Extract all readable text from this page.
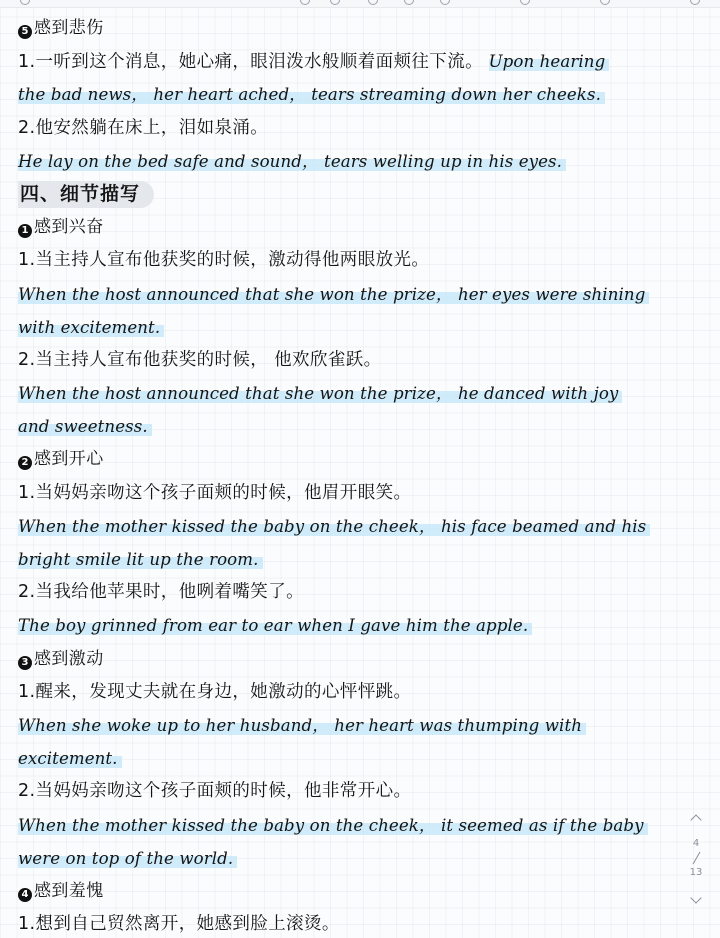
5 感到悲伤
1.一听到这个消息，她心痛，眼泪泼水般顺着面颊往下流。 Upon hearing
the bad news， her heart ached， tears streaming down her cheeks.
2.他安然躺在床上，泪如泉涌。
He lay on the bed safe and sound， tears welling up in his eyes.
四、细节描写
1 感到兴奋
1.当主持人宣布他获奖的时候，激动得他两眼放光。
When the host announced that she won the prize， her eyes were shining
with excitement.
2.当主持人宣布他获奖的时候， 他欢欣雀跃。
When the host announced that she won the prize， he danced with joy
and sweetness.
2 感到开心
1.当妈妈亲吻这个孩子面颊的时候，他眉开眼笑。
When the mother kissed the baby on the cheek， his face beamed and his
bright smile lit up the room.
2.当我给他苹果时，他咧着嘴笑了。
The boy grinned from ear to ear when I gave him the apple.
3 感到激动
1.醒来，发现丈夫就在身边，她激动的心怦怦跳。
When she woke up to her husband， her heart was thumping with
excitement.
2.当妈妈亲吻这个孩子面颊的时候，他非常开心。
When the mother kissed the baby on the cheek， it seemed as if the baby
were on top of the world.
4 感到羞愧
1.想到自己贸然离开，她感到脸上滚烫。
4
13
